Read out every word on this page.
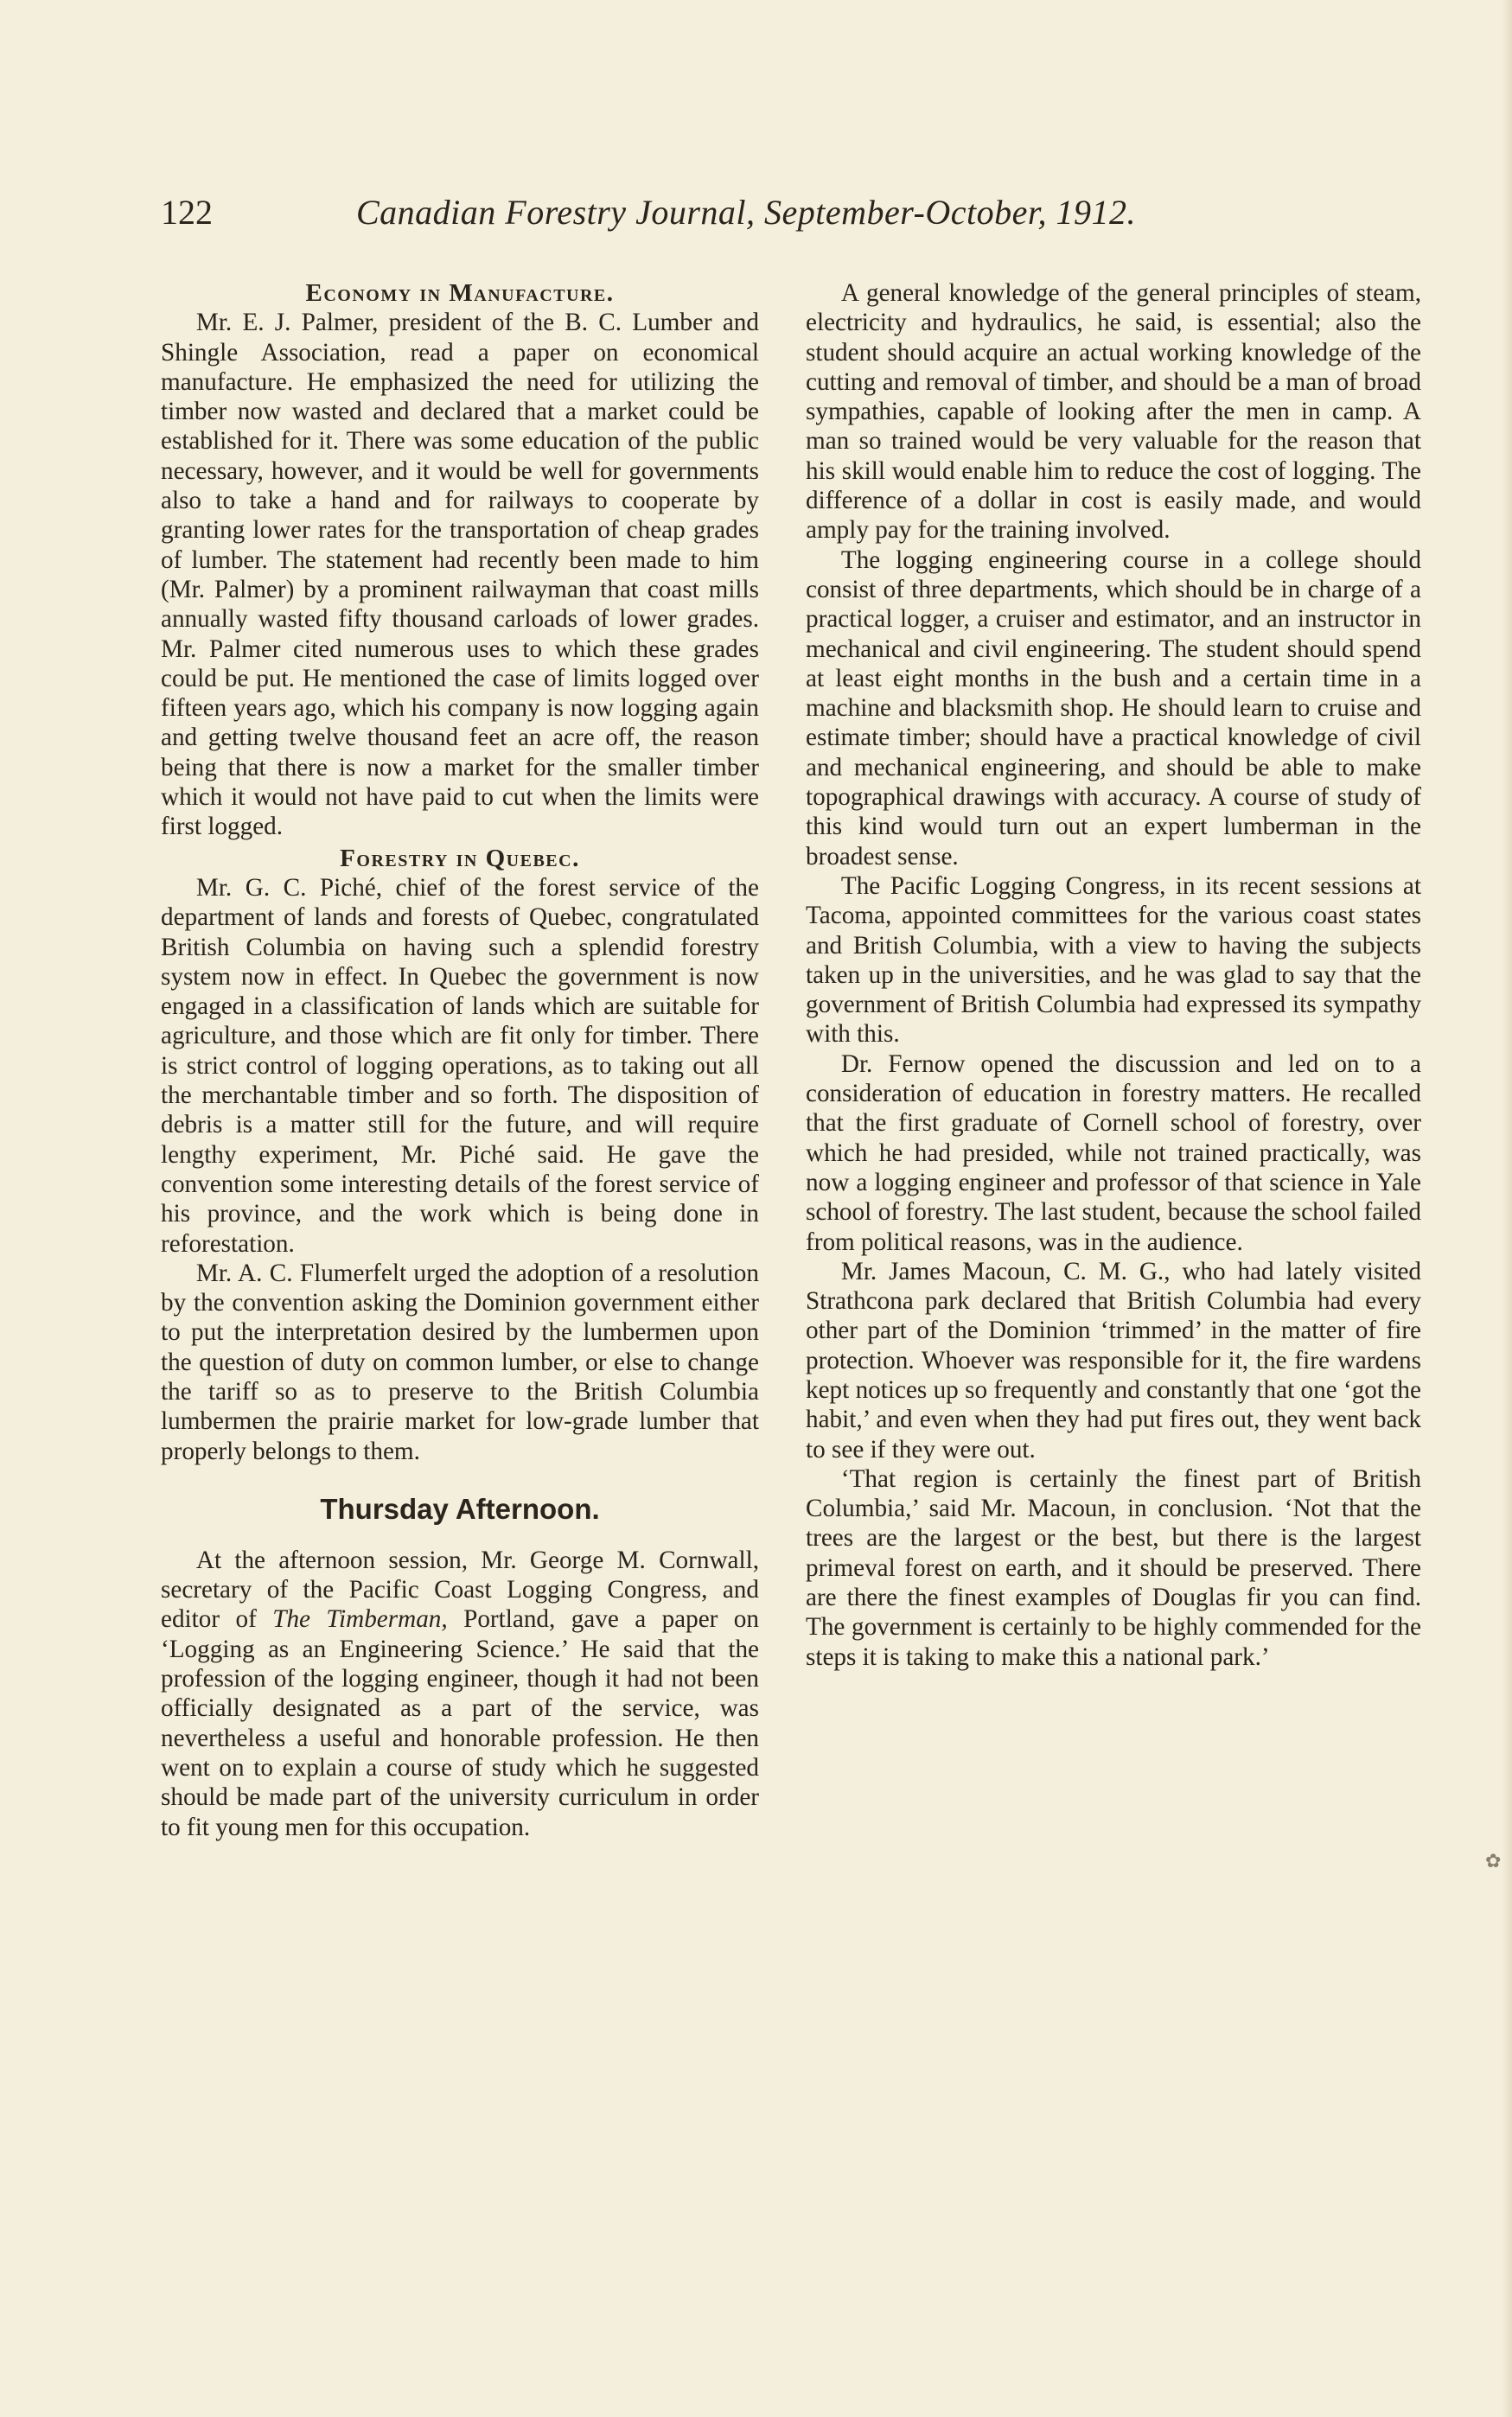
122	Canadian Forestry Journal, September-October, 1912.
Economy in Manufacture.

Mr. E. J. Palmer, president of the B. C. Lumber and Shingle Association, read a paper on economical manufacture. He emphasized the need for utilizing the timber now wasted and declared that a market could be established for it. There was some education of the public necessary, however, and it would be well for governments also to take a hand and for railways to cooperate by granting lower rates for the transportation of cheap grades of lumber. The statement had recently been made to him (Mr. Palmer) by a prominent railwayman that coast mills annually wasted fifty thousand carloads of lower grades. Mr. Palmer cited numerous uses to which these grades could be put. He mentioned the case of limits logged over fifteen years ago, which his company is now logging again and getting twelve thousand feet an acre off, the reason being that there is now a market for the smaller timber which it would not have paid to cut when the limits were first logged.

Forestry in Quebec.

Mr. G. C. Piché, chief of the forest service of the department of lands and forests of Quebec, congratulated British Columbia on having such a splendid forestry system now in effect. In Quebec the government is now engaged in a classification of lands which are suitable for agriculture, and those which are fit only for timber. There is strict control of logging operations, as to taking out all the merchantable timber and so forth. The disposition of debris is a matter still for the future, and will require lengthy experiment, Mr. Piché said. He gave the convention some interesting details of the forest service of his province, and the work which is being done in reforestation.

Mr. A. C. Flumerfelt urged the adoption of a resolution by the convention asking the Dominion government either to put the interpretation desired by the lumbermen upon the question of duty on common lumber, or else to change the tariff so as to preserve to the British Columbia lumbermen the prairie market for low-grade lumber that properly belongs to them.

Thursday Afternoon.

At the afternoon session, Mr. George M. Cornwall, secretary of the Pacific Coast Logging Congress, and editor of The Timberman, Portland, gave a paper on ‘Logging as an Engineering Science.’ He said that the profession of the logging engineer, though it had not been officially designated as a part of the service, was nevertheless a useful and honorable profession. He then went on to explain a course of study which he suggested should be made part of the university curriculum in order to fit young men for this occupation.

A general knowledge of the general principles of steam, electricity and hydraulics, he said, is essential; also the student should acquire an actual working knowledge of the cutting and removal of timber, and should be a man of broad sympathies, capable of looking after the men in camp. A man so trained would be very valuable for the reason that his skill would enable him to reduce the cost of logging. The difference of a dollar in cost is easily made, and would amply pay for the training involved.

The logging engineering course in a college should consist of three departments, which should be in charge of a practical logger, a cruiser and estimator, and an instructor in mechanical and civil engineering. The student should spend at least eight months in the bush and a certain time in a machine and blacksmith shop. He should learn to cruise and estimate timber; should have a practical knowledge of civil and mechanical engineering, and should be able to make topographical drawings with accuracy. A course of study of this kind would turn out an expert lumberman in the broadest sense.

The Pacific Logging Congress, in its recent sessions at Tacoma, appointed committees for the various coast states and British Columbia, with a view to having the subjects taken up in the universities, and he was glad to say that the government of British Columbia had expressed its sympathy with this.

Dr. Fernow opened the discussion and led on to a consideration of education in forestry matters. He recalled that the first graduate of Cornell school of forestry, over which he had presided, while not trained practically, was now a logging engineer and professor of that science in Yale school of forestry. The last student, because the school failed from political reasons, was in the audience.

Mr. James Macoun, C. M. G., who had lately visited Strathcona park declared that British Columbia had every other part of the Dominion ‘trimmed’ in the matter of fire protection. Whoever was responsible for it, the fire wardens kept notices up so frequently and constantly that one ‘got the habit,’ and even when they had put fires out, they went back to see if they were out.

‘That region is certainly the finest part of British Columbia,’ said Mr. Macoun, in conclusion. ‘Not that the trees are the largest or the best, but there is the largest primeval forest on earth, and it should be preserved. There are there the finest examples of Douglas fir you can find. The government is certainly to be highly commended for the steps it is taking to make this a national park.’

✿
